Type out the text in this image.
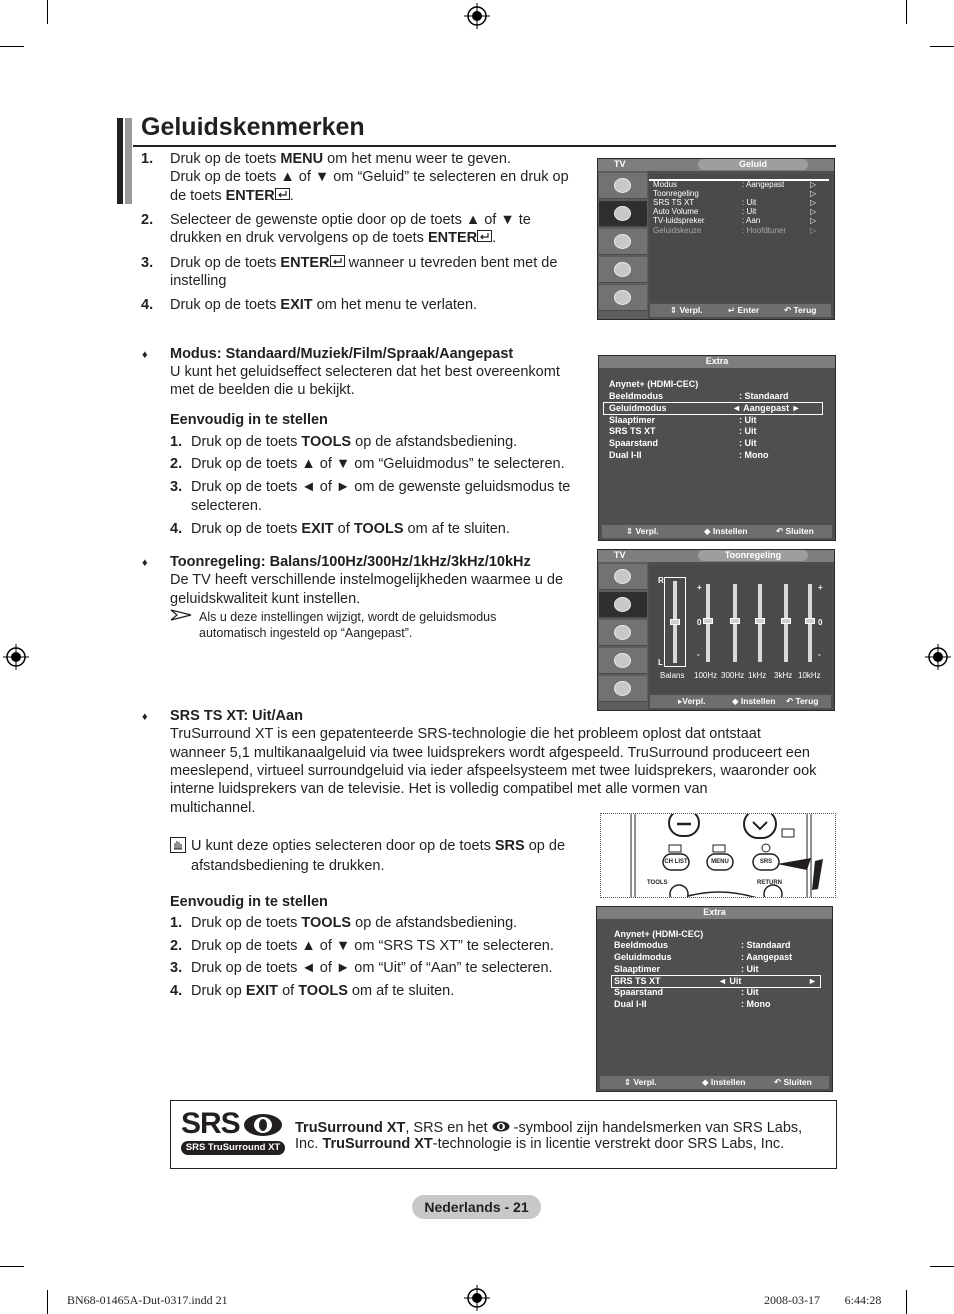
Geluidskenmerken
1. Druk op de toets MENU om het menu weer te geven.
Druk op de toets ▲ of ▼ om “Geluid” te selecteren en druk op
de toets ENTER .
2. Selecteer de gewenste optie door op de toets ▲ of ▼ te
drukken en druk vervolgens op de toets ENTER .
3. Druk op de toets ENTER wanneer u tevreden bent met de
instelling
4. Druk op de toets EXIT om het menu te verlaten.
♦ Modus: Standaard/Muziek/Film/Spraak/Aangepast
U kunt het geluidseffect selecteren dat het best overeenkomt
met de beelden die u bekijkt.
Eenvoudig in te stellen
1. Druk op de toets TOOLS op de afstandsbediening.
2. Druk op de toets ▲ of ▼ om “Geluidmodus” te selecteren.
3. Druk op de toets ◄ of ► om de gewenste geluidsmodus te
selecteren.
4. Druk op de toets EXIT of TOOLS om af te sluiten.
♦ Toonregeling: Balans/100Hz/300Hz/1kHz/3kHz/10kHz
De TV heeft verschillende instelmogelijkheden waarmee u de
geluidskwaliteit kunt instellen.
Als u deze instellingen wijzigt, wordt de geluidsmodus
automatisch ingesteld op “Aangepast”.
♦ SRS TS XT: Uit/Aan
TruSurround XT is een gepatenteerde SRS-technologie die het probleem oplost dat ontstaat
wanneer 5,1 multikanaalgeluid via twee luidsprekers wordt afgespeeld. TruSurround produceert een
meeslepend, virtueel surroundgeluid via ieder afspeelsysteem met twee luidsprekers, waaronder ook
interne luidsprekers van de televisie. Het is volledig compatibel met alle vormen van
multichannel.
U kunt deze opties selecteren door op de toets SRS op de
afstandsbediening te drukken.
Eenvoudig in te stellen
1. Druk op de toets TOOLS op de afstandsbediening.
2. Druk op de toets ▲ of ▼ om “SRS TS XT” te selecteren.
3. Druk op de toets ◄ of ► om “Uit” of “Aan” te selecteren.
4. Druk op EXIT of TOOLS om af te sluiten.
TV	Geluid
Modus	: Aangepast	▷
Toonregeling	▷
SRS TS XT	: Uit	▷
Auto Volume	: Uit	▷
TV-luidspreker	: Aan	▷
Geluidskeuze	: Hoofdtuner	▷
⇕ Verpl.	↵ Enter	↶ Terug
Extra
Anynet+ (HDMI-CEC)
Beeldmodus	: Standaard
Geluidmodus	◄ Aangepast ►
Slaaptimer	: Uit
SRS TS XT	: Uit
Spaarstand	: Uit
Dual I-II	: Mono
⇕ Verpl.	◆ Instellen	↶ Sluiten
TV	Toonregeling
R
L
+
0
-
+
0
-
Balans 100Hz 300Hz 1kHz 3kHz 10kHz
▸Verpl.	◆ Instellen ↶ Terug
CH LIST	MENU	SRS
TOOLS	RETURN
Extra
Anynet+ (HDMI-CEC)
Beeldmodus	: Standaard
Geluidmodus	: Aangepast
Slaaptimer	: Uit
SRS TS XT	◄ Uit	►
Spaarstand	: Uit
Dual I-II	: Mono
⇕ Verpl.	◆ Instellen	↶ Sluiten
SRS
SRS TruSurround XT
TruSurround XT, SRS en het  -symbool zijn handelsmerken van SRS Labs,
Inc. TruSurround XT-technologie is in licentie verstrekt door SRS Labs, Inc.
Nederlands - 21
BN68-01465A-Dut-0317.indd 21	2008-03-17 ￿￿ 6:44:28
